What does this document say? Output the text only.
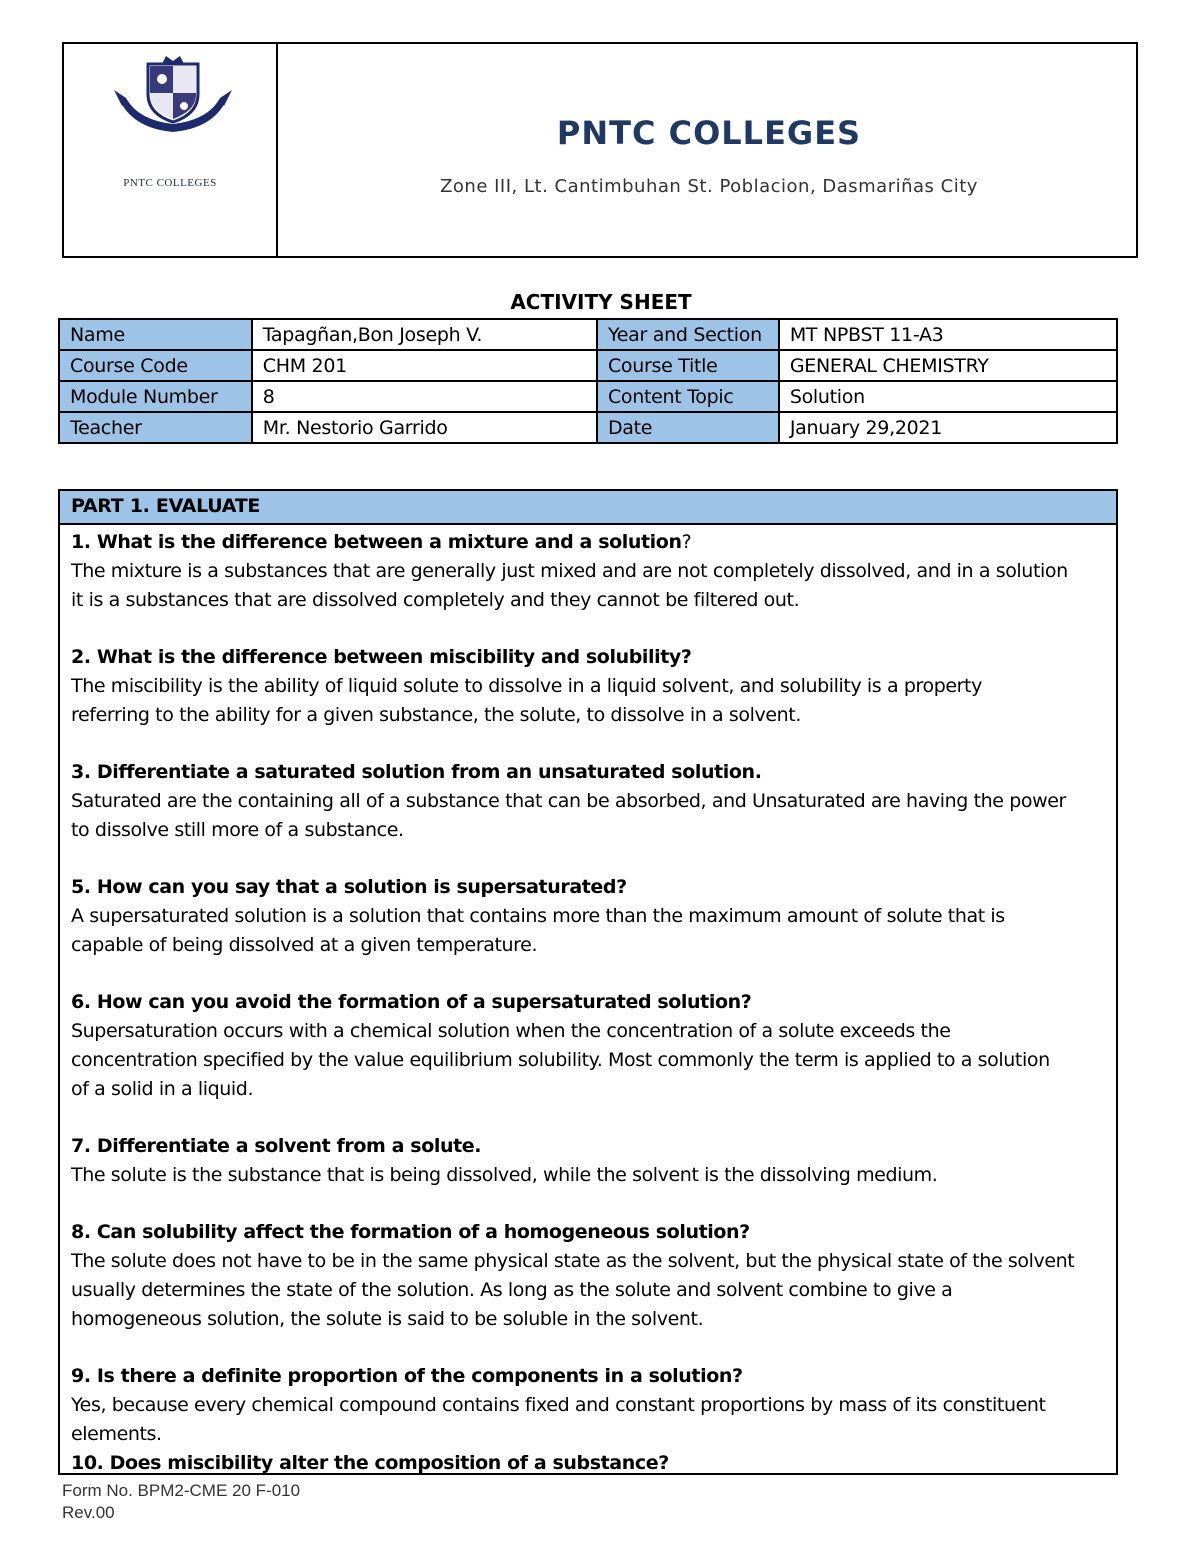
PNTC COLLEGES
PNTC COLLEGES
Zone III, Lt. Cantimbuhan St. Poblacion, Dasmariñas City
ACTIVITY SHEET
Name	Tapagñan,Bon Joseph V.	Year and Section	MT NPBST 11-A3
Course Code	CHM 201	Course Title	GENERAL CHEMISTRY
Module Number	8	Content Topic	Solution
Teacher	Mr. Nestorio Garrido	Date	January 29,2021
PART 1. EVALUATE
1. What is the difference between a mixture and a solution?
The mixture is a substances that are generally just mixed and are not completely dissolved, and in a solution
it is a substances that are dissolved completely and they cannot be filtered out.
2. What is the difference between miscibility and solubility?
The miscibility is the ability of liquid solute to dissolve in a liquid solvent, and solubility is a property
referring to the ability for a given substance, the solute, to dissolve in a solvent.
3. Differentiate a saturated solution from an unsaturated solution.
Saturated are the containing all of a substance that can be absorbed, and Unsaturated are having the power
to dissolve still more of a substance.
5. How can you say that a solution is supersaturated?
A supersaturated solution is a solution that contains more than the maximum amount of solute that is
capable of being dissolved at a given temperature.
6. How can you avoid the formation of a supersaturated solution?
Supersaturation occurs with a chemical solution when the concentration of a solute exceeds the
concentration specified by the value equilibrium solubility. Most commonly the term is applied to a solution
of a solid in a liquid.
7. Differentiate a solvent from a solute.
The solute is the substance that is being dissolved, while the solvent is the dissolving medium.
8. Can solubility affect the formation of a homogeneous solution?
The solute does not have to be in the same physical state as the solvent, but the physical state of the solvent
usually determines the state of the solution. As long as the solute and solvent combine to give a
homogeneous solution, the solute is said to be soluble in the solvent.
9. Is there a definite proportion of the components in a solution?
Yes, because every chemical compound contains fixed and constant proportions by mass of its constituent
elements.
10. Does miscibility alter the composition of a substance?
Form No. BPM2-CME 20 F-010
Rev.00
